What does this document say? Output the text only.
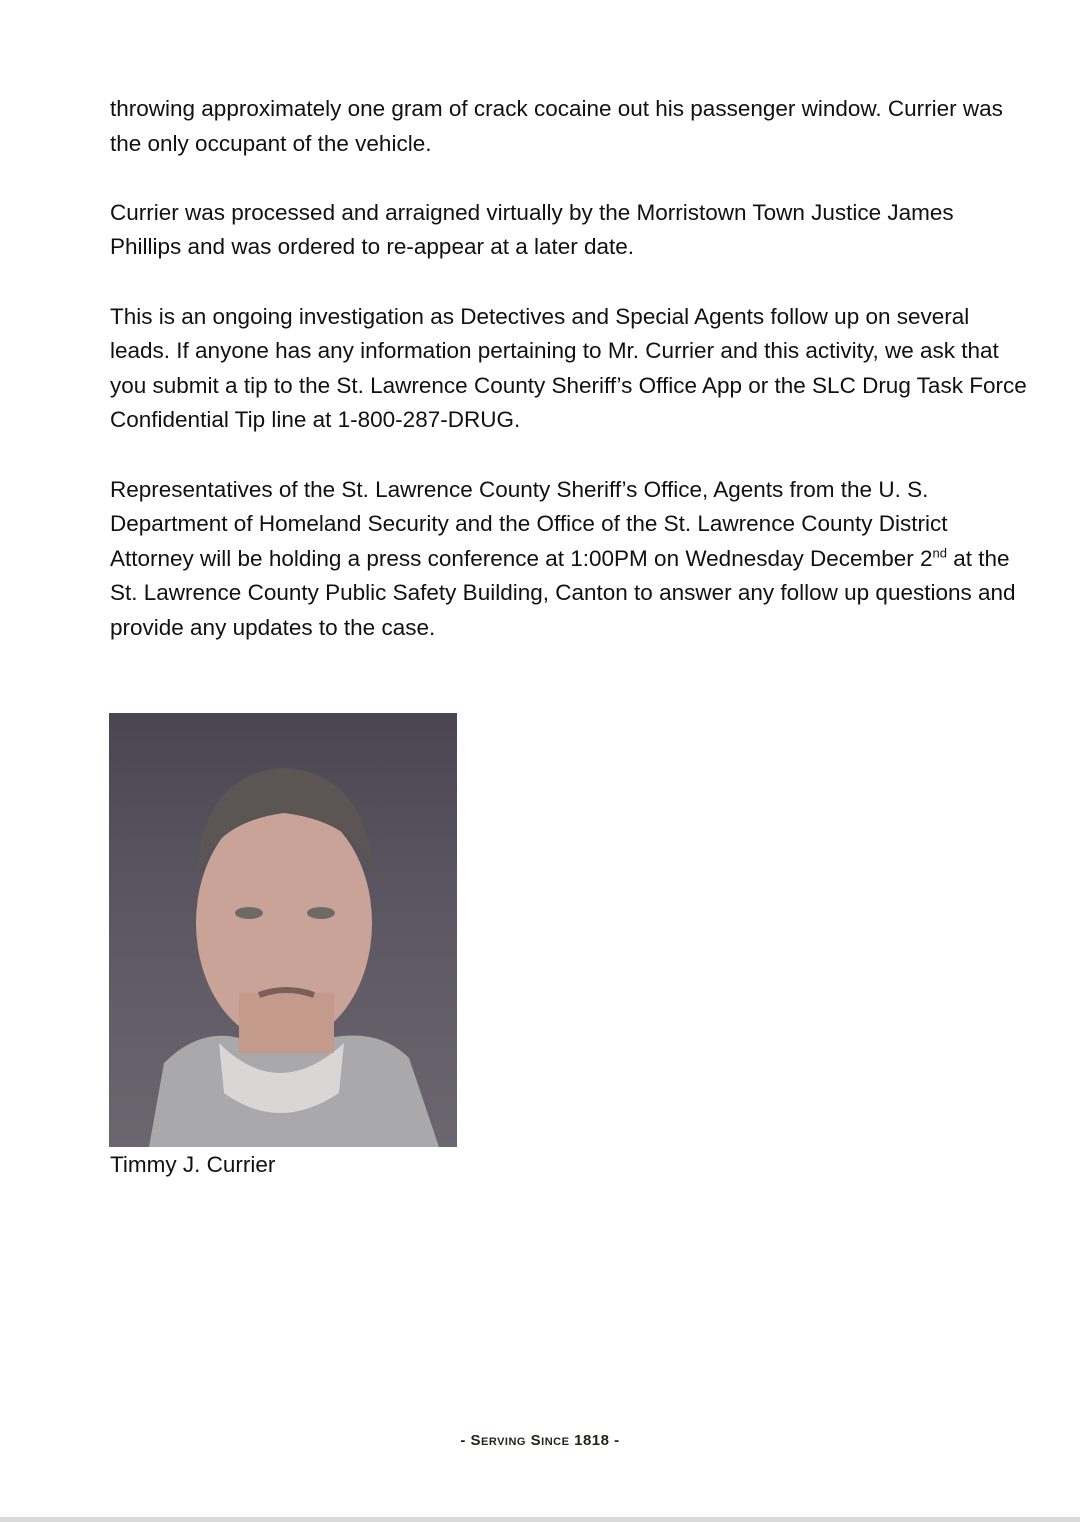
throwing approximately one gram of crack cocaine out his passenger window. Currier was the only occupant of the vehicle.

Currier was processed and arraigned virtually by the Morristown Town Justice James Phillips and was ordered to re-appear at a later date.

This is an ongoing investigation as Detectives and Special Agents follow up on several leads. If anyone has any information pertaining to Mr. Currier and this activity, we ask that you submit a tip to the St. Lawrence County Sheriff’s Office App or the SLC Drug Task Force Confidential Tip line at 1-800-287-DRUG.

Representatives of the St. Lawrence County Sheriff’s Office, Agents from the U. S. Department of Homeland Security and the Office of the St. Lawrence County District Attorney will be holding a press conference at 1:00PM on Wednesday December 2nd at the St. Lawrence County Public Safety Building, Canton to answer any follow up questions and provide any updates to the case.

Timmy J. Currier
- Serving Since 1818 -
